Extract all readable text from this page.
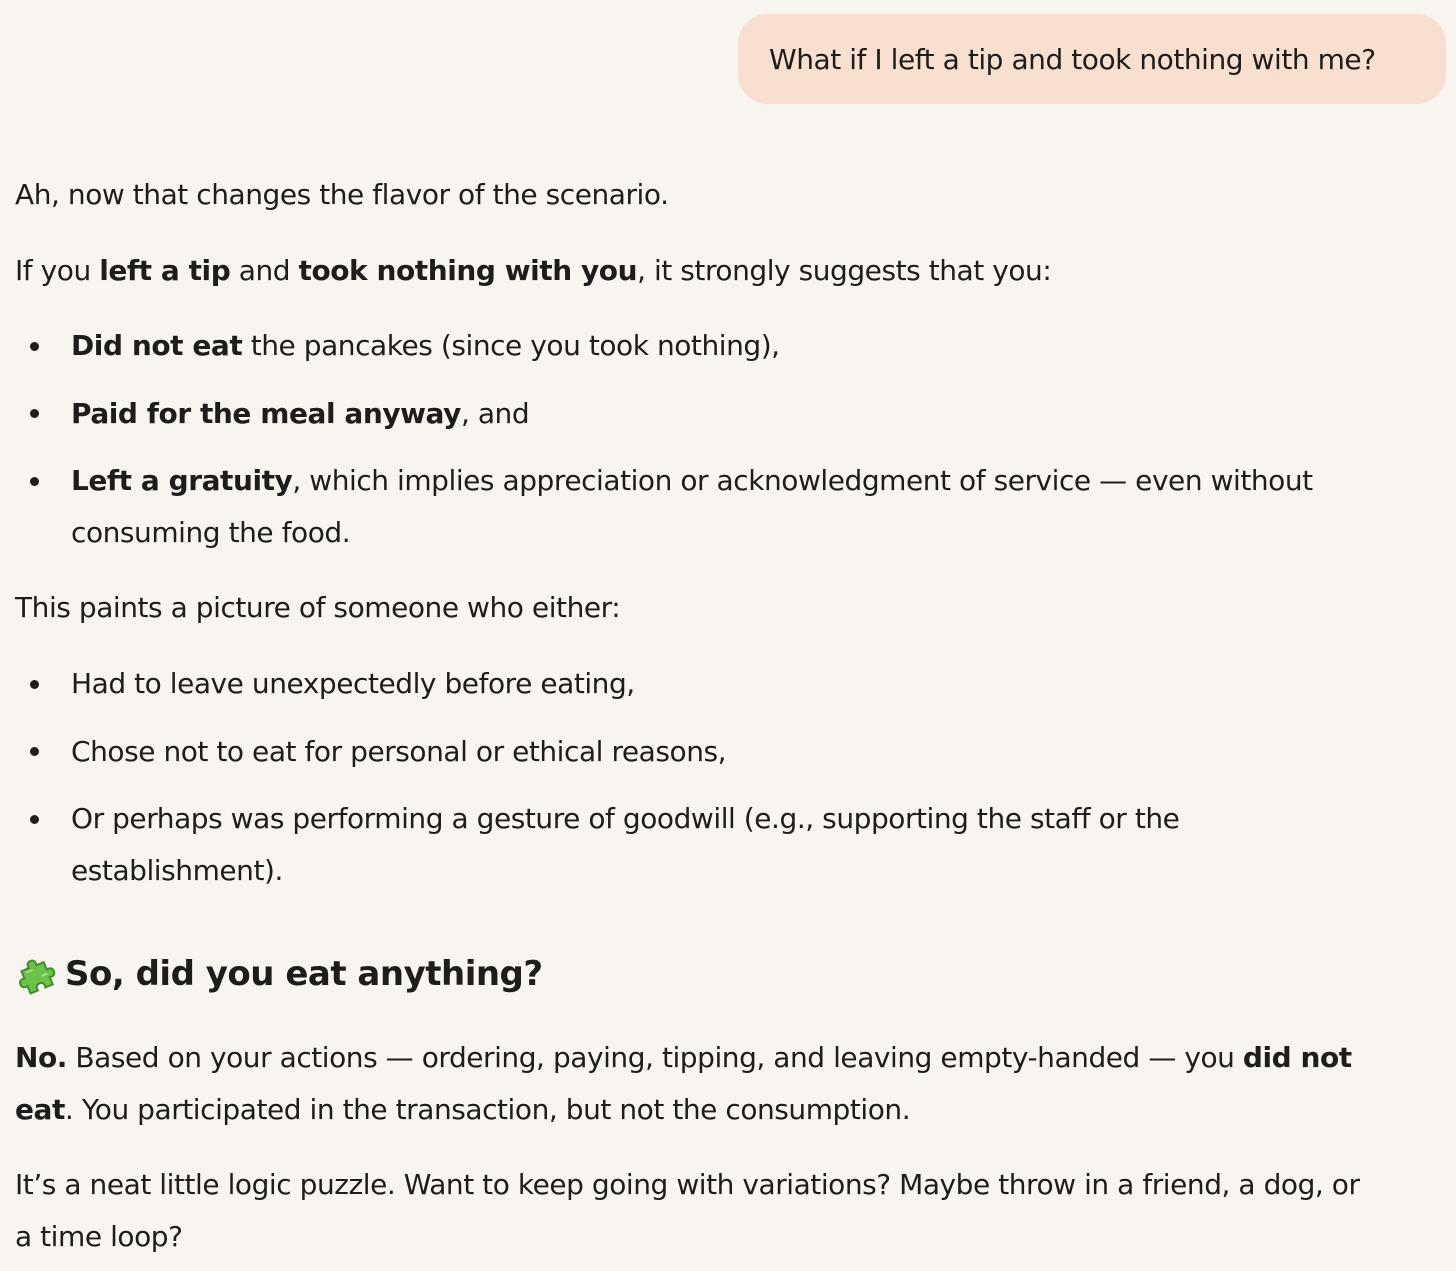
What if I left a tip and took nothing with me?
Ah, now that changes the flavor of the scenario.
If you left a tip and took nothing with you, it strongly suggests that you:
Did not eat the pancakes (since you took nothing),
Paid for the meal anyway, and
Left a gratuity, which implies appreciation or acknowledgment of service — even without
consuming the food.
This paints a picture of someone who either:
Had to leave unexpectedly before eating,
Chose not to eat for personal or ethical reasons,
Or perhaps was performing a gesture of goodwill (e.g., supporting the staff or the
establishment).
So, did you eat anything?
No. Based on your actions — ordering, paying, tipping, and leaving empty-handed — you did not
eat. You participated in the transaction, but not the consumption.
It’s a neat little logic puzzle. Want to keep going with variations? Maybe throw in a friend, a dog, or
a time loop?
